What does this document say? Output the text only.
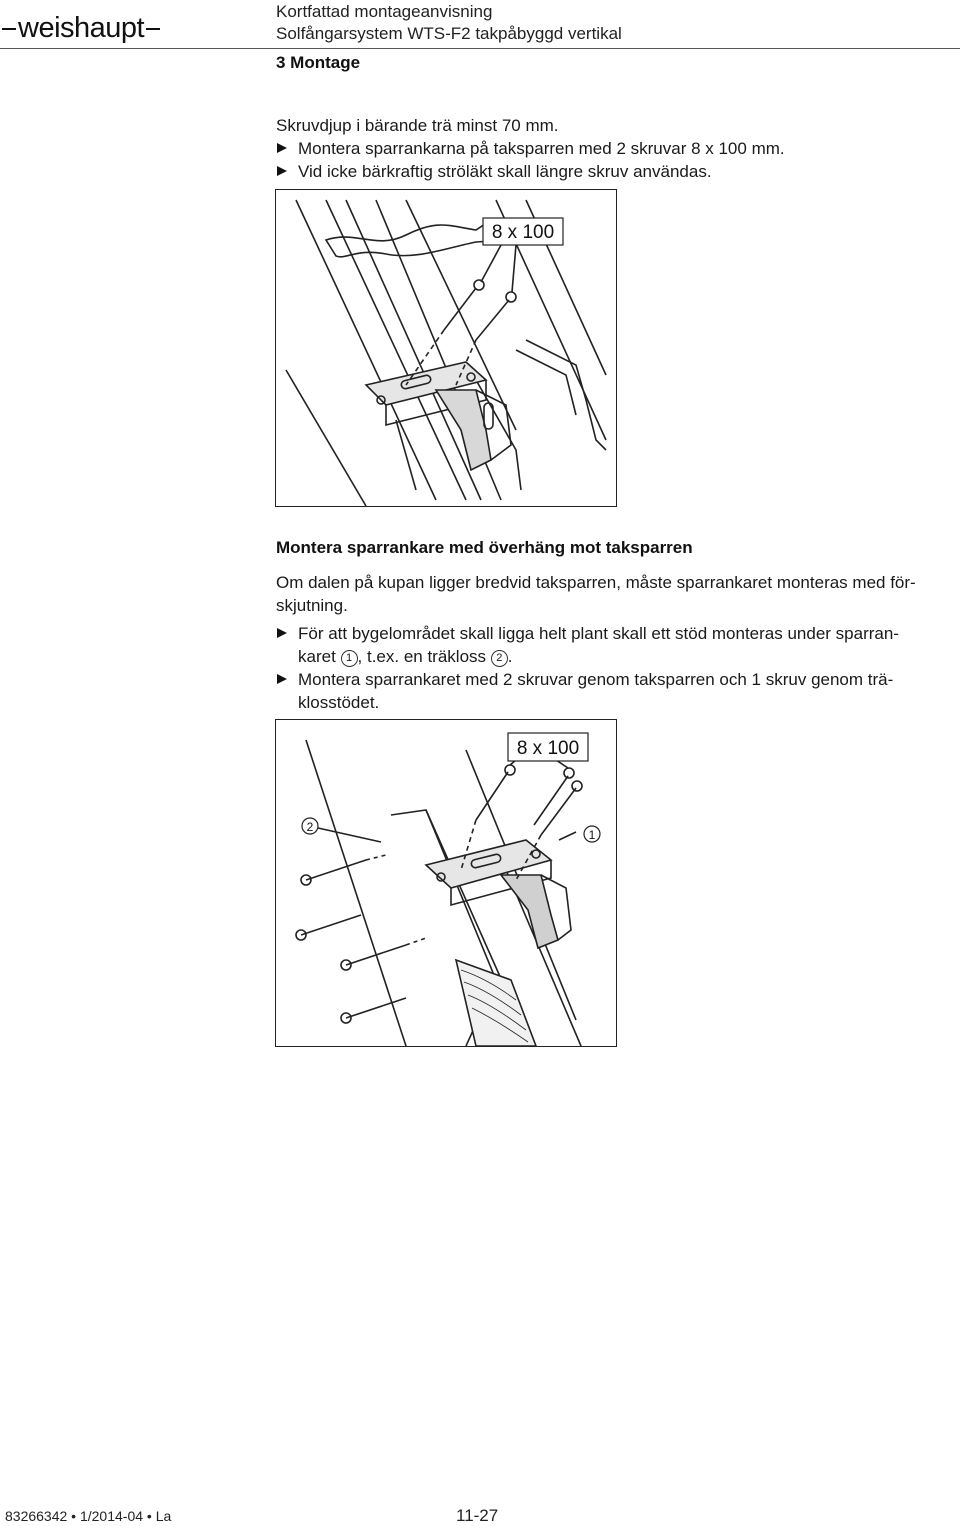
weishaupt
Kortfattad montageanvisning
Solfångarsystem WTS-F2 takpåbyggd vertikal
3 Montage
Skruvdjup i bärande trä minst 70 mm.
Montera sparrankarna på taksparren med 2 skruvar 8 x 100 mm.
Vid icke bärkraftig ströläkt skall längre skruv användas.
8 x 100
Montera sparrankare med överhäng mot taksparren
Om dalen på kupan ligger bredvid taksparren, måste sparrankaret monteras med för-
skjutning.
För att bygelområdet skall ligga helt plant skall ett stöd monteras under sparran-
karet 1 , t.ex. en träkloss 2 .
Montera sparrankaret med 2 skruvar genom taksparren och 1 skruv genom trä-
klosstödet.
8 x 100
2
1
83266342 • 1/2014-04 • La	11-27
